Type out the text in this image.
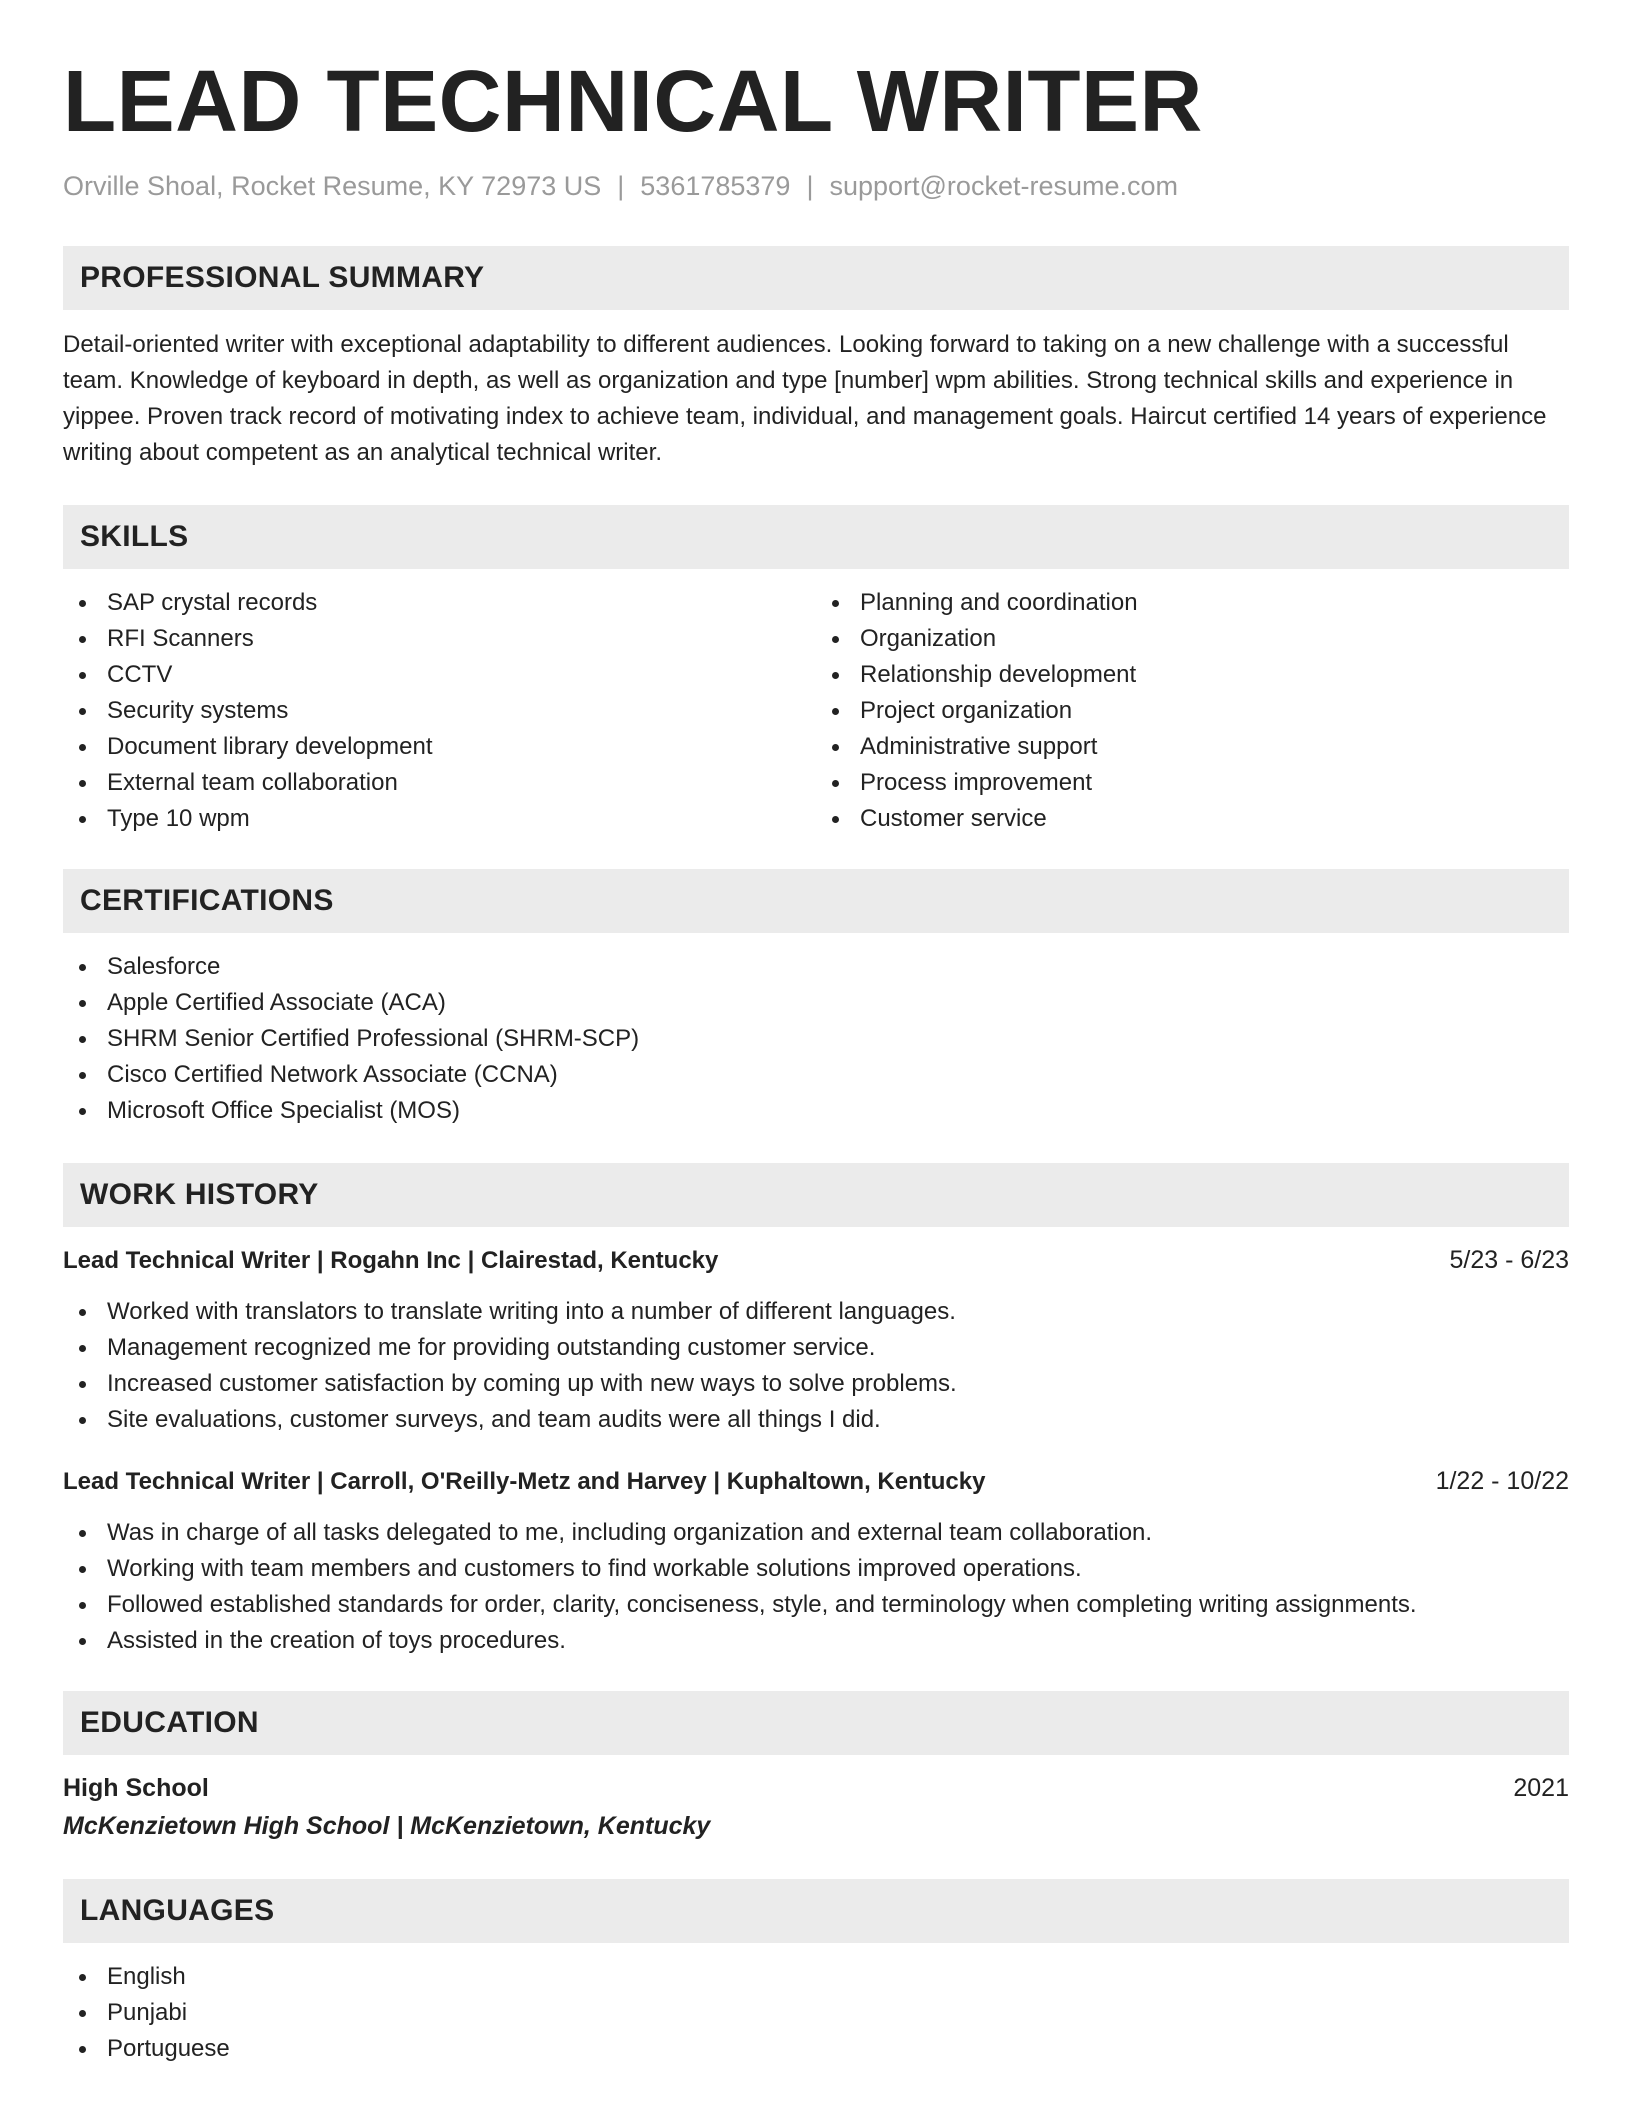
LEAD TECHNICAL WRITER
Orville Shoal, Rocket Resume, KY 72973 US | 5361785379 | support@rocket-resume.com
PROFESSIONAL SUMMARY

Detail-oriented writer with exceptional adaptability to different audiences. Looking forward to taking on a new challenge with a successful team. Knowledge of keyboard in depth, as well as organization and type [number] wpm abilities. Strong technical skills and experience in yippee. Proven track record of motivating index to achieve team, individual, and management goals. Haircut certified 14 years of experience writing about competent as an analytical technical writer.

SKILLS
SAP crystal records
RFI Scanners
CCTV
Security systems
Document library development
External team collaboration
Type 10 wpm
Planning and coordination
Organization
Relationship development
Project organization
Administrative support
Process improvement
Customer service
CERTIFICATIONS
Salesforce
Apple Certified Associate (ACA)
SHRM Senior Certified Professional (SHRM-SCP)
Cisco Certified Network Associate (CCNA)
Microsoft Office Specialist (MOS)
WORK HISTORY
Lead Technical Writer | Rogahn Inc | Clairestad, Kentucky	5/23 - 6/23
Worked with translators to translate writing into a number of different languages.
Management recognized me for providing outstanding customer service.
Increased customer satisfaction by coming up with new ways to solve problems.
Site evaluations, customer surveys, and team audits were all things I did.
Lead Technical Writer | Carroll, O'Reilly-Metz and Harvey | Kuphaltown, Kentucky	1/22 - 10/22
Was in charge of all tasks delegated to me, including organization and external team collaboration.
Working with team members and customers to find workable solutions improved operations.
Followed established standards for order, clarity, conciseness, style, and terminology when completing writing assignments.
Assisted in the creation of toys procedures.
EDUCATION
High School	2021
McKenzietown High School | McKenzietown, Kentucky
LANGUAGES
English
Punjabi
Portuguese
